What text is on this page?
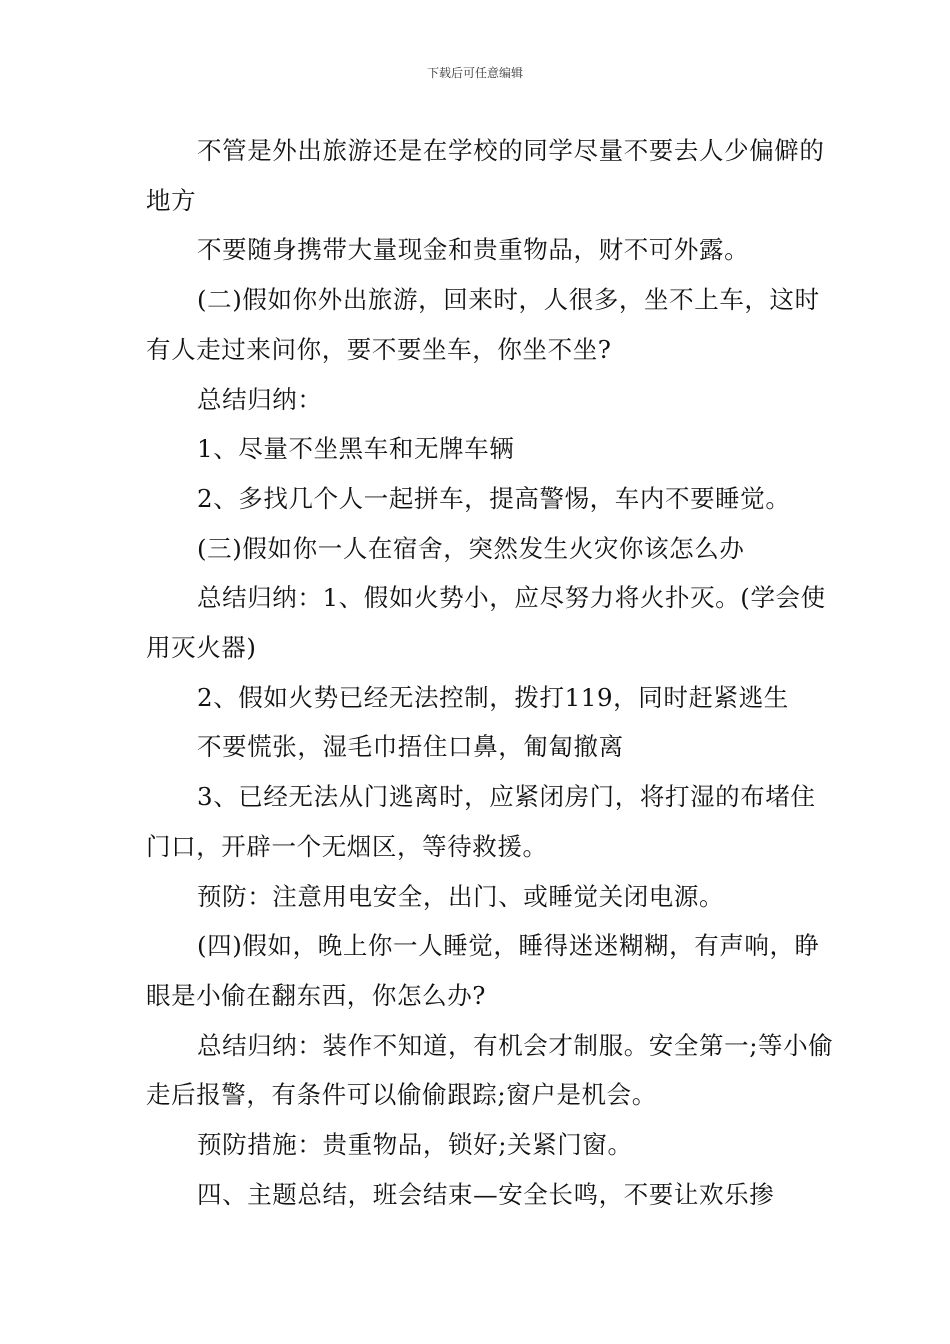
下载后可任意编辑

不管是外出旅游还是在学校的同学尽量不要去人少偏僻的地方

不要随身携带大量现金和贵重物品，财不可外露。

(二)假如你外出旅游，回来时，人很多，坐不上车，这时有人走过来问你，要不要坐车，你坐不坐?

总结归纳：

1、尽量不坐黑车和无牌车辆

2、多找几个人一起拼车，提高警惕，车内不要睡觉。

(三)假如你一人在宿舍，突然发生火灾你该怎么办

总结归纳：1、假如火势小，应尽努力将火扑灭。(学会使用灭火器)

2、假如火势已经无法控制，拨打119，同时赶紧逃生

不要慌张，湿毛巾捂住口鼻，匍匐撤离

3、已经无法从门逃离时，应紧闭房门，将打湿的布堵住门口，开辟一个无烟区，等待救援。

预防：注意用电安全，出门、或睡觉关闭电源。

(四)假如，晚上你一人睡觉，睡得迷迷糊糊，有声响，睁眼是小偷在翻东西，你怎么办?

总结归纳：装作不知道，有机会才制服。安全第一;等小偷走后报警，有条件可以偷偷跟踪;窗户是机会。

预防措施：贵重物品，锁好;关紧门窗。

四、主题总结，班会结束—安全长鸣，不要让欢乐掺
